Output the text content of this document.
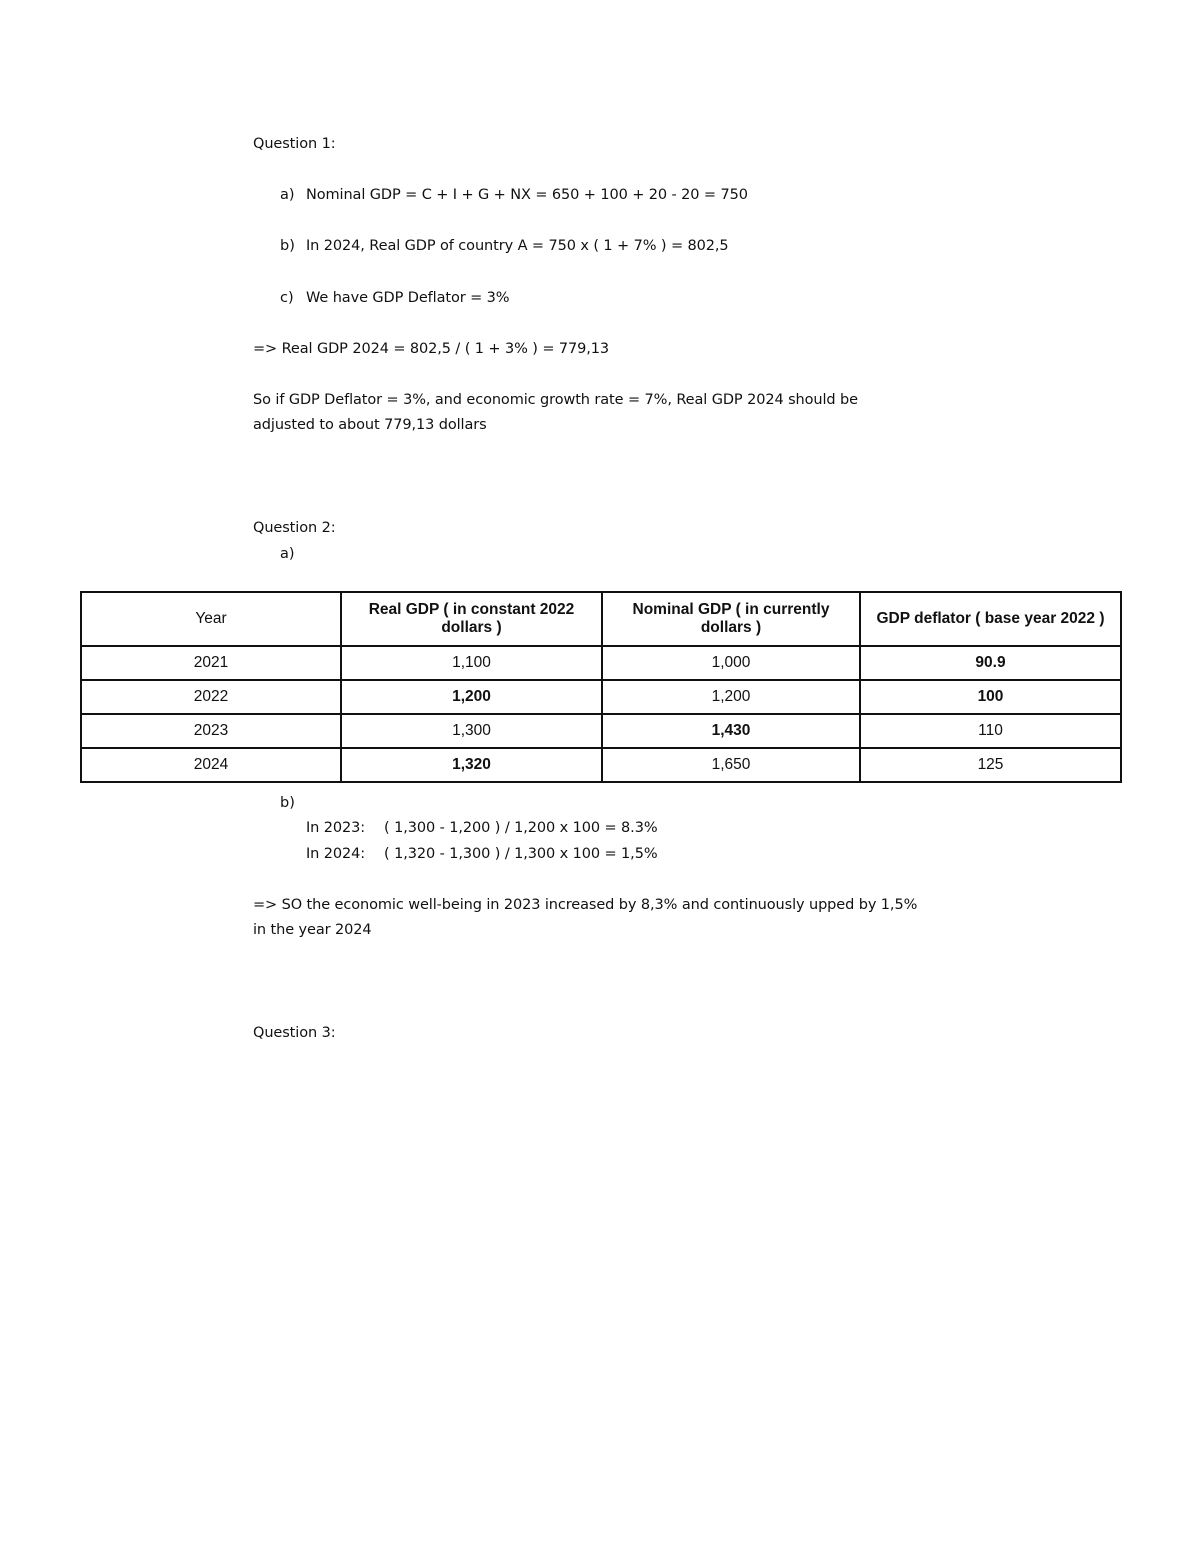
Question 1:
a) Nominal GDP = C + I + G + NX = 650 + 100 + 20 - 20 = 750
b) In 2024, Real GDP of country A = 750 x ( 1 + 7% ) = 802,5
c) We have GDP Deflator = 3%
=> Real GDP 2024 = 802,5 / ( 1 + 3% ) = 779,13
So if GDP Deflator = 3%, and economic growth rate = 7%, Real GDP 2024 should be
adjusted to about 779,13 dollars
Question 2:
a)
Year	Real GDP ( in constant 2022 dollars )	Nominal GDP ( in currently dollars )	GDP deflator ( base year 2022 )
2021	1,100	1,000	90.9
2022	1,200	1,200	100
2023	1,300	1,430	110
2024	1,320	1,650	125
b)
In 2023: ( 1,300 - 1,200 ) / 1,200 x 100 = 8.3%
In 2024: ( 1,320 - 1,300 ) / 1,300 x 100 = 1,5%
=> SO the economic well-being in 2023 increased by 8,3% and continuously upped by 1,5%
in the year 2024
Question 3:
